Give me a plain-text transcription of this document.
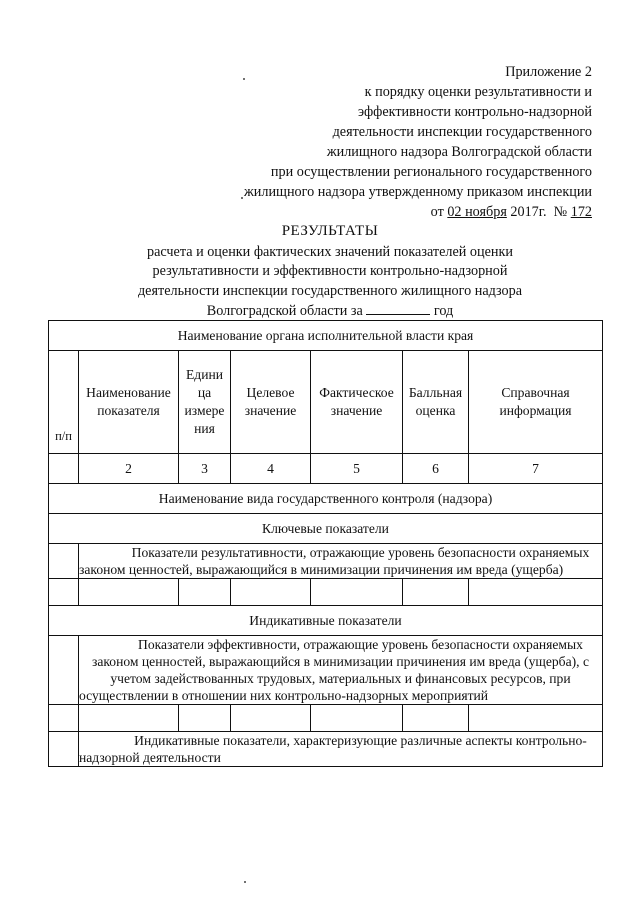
Приложение 2
к порядку оценки результативности и
эффективности контрольно-надзорной
деятельности инспекции государственного
жилищного надзора Волгоградской области
при осуществлении регионального государственного
жилищного надзора утвержденному приказом инспекции
от 02 ноября 2017г. № 172
РЕЗУЛЬТАТЫ
расчета и оценки фактических значений показателей оценки
результативности и эффективности контрольно-надзорной
деятельности инспекции государственного жилищного надзора
Волгоградской области за	год
Наименование органа исполнительной власти края						
п/п	Наименование показателя	Едини ца измере ния	Целевое значение	Фактическое значение	Балльная оценка	Справочная информация
	2	3	4	5	6	7
Наименование вида государственного контроля (надзора)						
Ключевые показатели						
	Показатели результативности, отражающие уровень безопасности охраняемых законом ценностей, выражающийся в минимизации причинения им вреда (ущерба)					

Индикативные показатели						
	Показатели эффективности, отражающие уровень безопасности охраняемых законом ценностей, выражающийся в минимизации причинения им вреда (ущерба), с учетом задействованных трудовых, материальных и финансовых ресурсов, при осуществлении в отношении них контрольно-надзорных мероприятий					

	Индикативные показатели, характеризующие различные аспекты контрольно-надзорной деятельности					
